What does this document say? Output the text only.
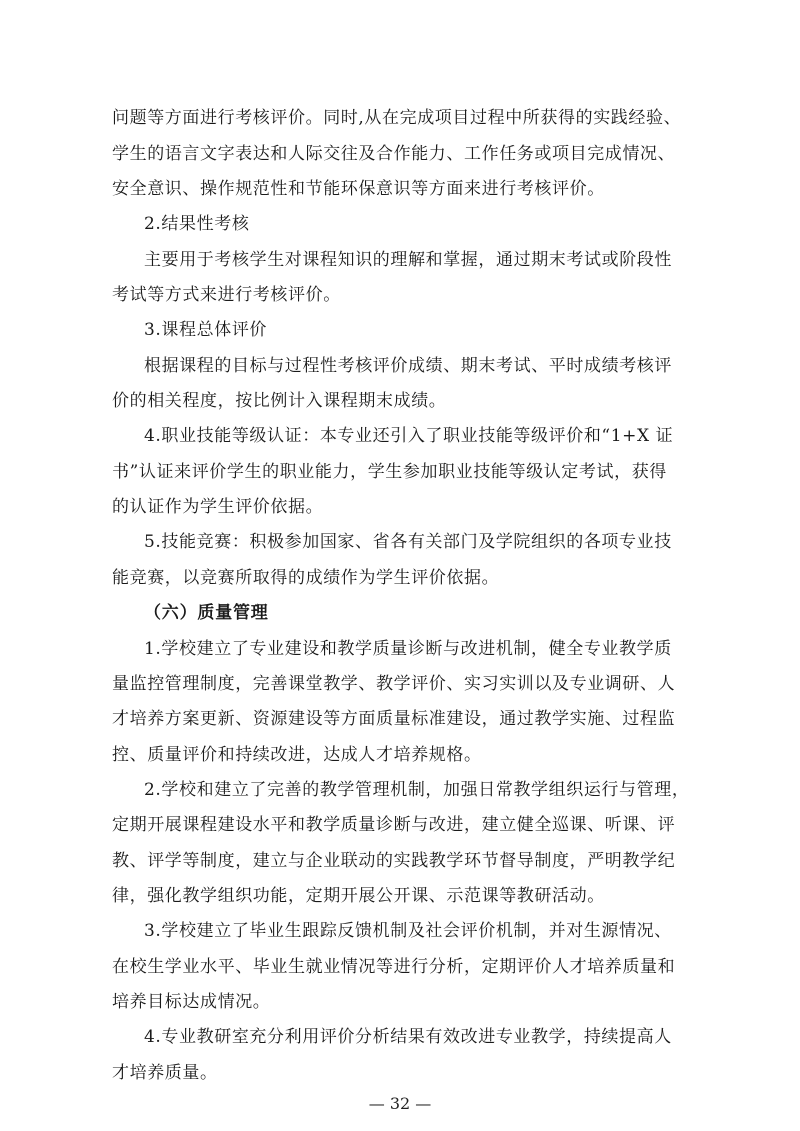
问题等方面进行考核评价。同时,从在完成项目过程中所获得的实践经验、
学生的语言文字表达和人际交往及合作能力、工作任务或项目完成情况、
安全意识、操作规范性和节能环保意识等方面来进行考核评价。
2.结果性考核
主要用于考核学生对课程知识的理解和掌握，通过期末考试或阶段性
考试等方式来进行考核评价。
3.课程总体评价
根据课程的目标与过程性考核评价成绩、期末考试、平时成绩考核评
价的相关程度，按比例计入课程期末成绩。
4.职业技能等级认证：本专业还引入了职业技能等级评价和“1+X 证
书”认证来评价学生的职业能力，学生参加职业技能等级认定考试，获得
的认证作为学生评价依据。
5.技能竞赛：积极参加国家、省各有关部门及学院组织的各项专业技
能竞赛，以竞赛所取得的成绩作为学生评价依据。
（六）质量管理
1.学校建立了专业建设和教学质量诊断与改进机制，健全专业教学质
量监控管理制度，完善课堂教学、教学评价、实习实训以及专业调研、人
才培养方案更新、资源建设等方面质量标准建设，通过教学实施、过程监
控、质量评价和持续改进，达成人才培养规格。
2.学校和建立了完善的教学管理机制，加强日常教学组织运行与管理，
定期开展课程建设水平和教学质量诊断与改进，建立健全巡课、听课、评
教、评学等制度，建立与企业联动的实践教学环节督导制度，严明教学纪
律，强化教学组织功能，定期开展公开课、示范课等教研活动。
3.学校建立了毕业生跟踪反馈机制及社会评价机制，并对生源情况、
在校生学业水平、毕业生就业情况等进行分析，定期评价人才培养质量和
培养目标达成情况。
4.专业教研室充分利用评价分析结果有效改进专业教学，持续提高人
才培养质量。
— 32 —
